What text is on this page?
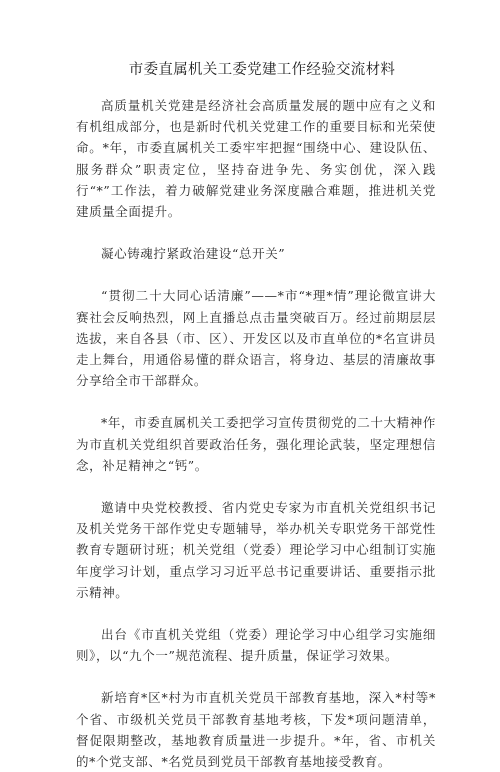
市委直属机关工委党建工作经验交流材料

高质量机关党建是经济社会高质量发展的题中应有之义和有机组成部分，也是新时代机关党建工作的重要目标和光荣使命。*年，市委直属机关工委牢牢把握“围绕中心、建设队伍、服务群众”职责定位，坚持奋进争先、务实创优，深入践行“*”工作法，着力破解党建业务深度融合难题，推进机关党建质量全面提升。

凝心铸魂拧紧政治建设“总开关”

“贯彻二十大同心话清廉”——*市“*理*情”理论微宣讲大赛社会反响热烈，网上直播总点击量突破百万。经过前期层层选拔，来自各县（市、区）、开发区以及市直单位的*名宣讲员走上舞台，用通俗易懂的群众语言，将身边、基层的清廉故事分享给全市干部群众。

*年，市委直属机关工委把学习宣传贯彻党的二十大精神作为市直机关党组织首要政治任务，强化理论武装，坚定理想信念，补足精神之“钙”。

邀请中央党校教授、省内党史专家为市直机关党组织书记及机关党务干部作党史专题辅导，举办机关专职党务干部党性教育专题研讨班；机关党组（党委）理论学习中心组制订实施年度学习计划，重点学习习近平总书记重要讲话、重要指示批示精神。

出台《市直机关党组（党委）理论学习中心组学习实施细则》，以“九个一”规范流程、提升质量，保证学习效果。

新培育*区*村为市直机关党员干部教育基地，深入*村等*个省、市级机关党员干部教育基地考核，下发*项问题清单，督促限期整改，基地教育质量进一步提升。*年，省、市机关的*个党支部、*名党员到党员干部教育基地接受教育。
